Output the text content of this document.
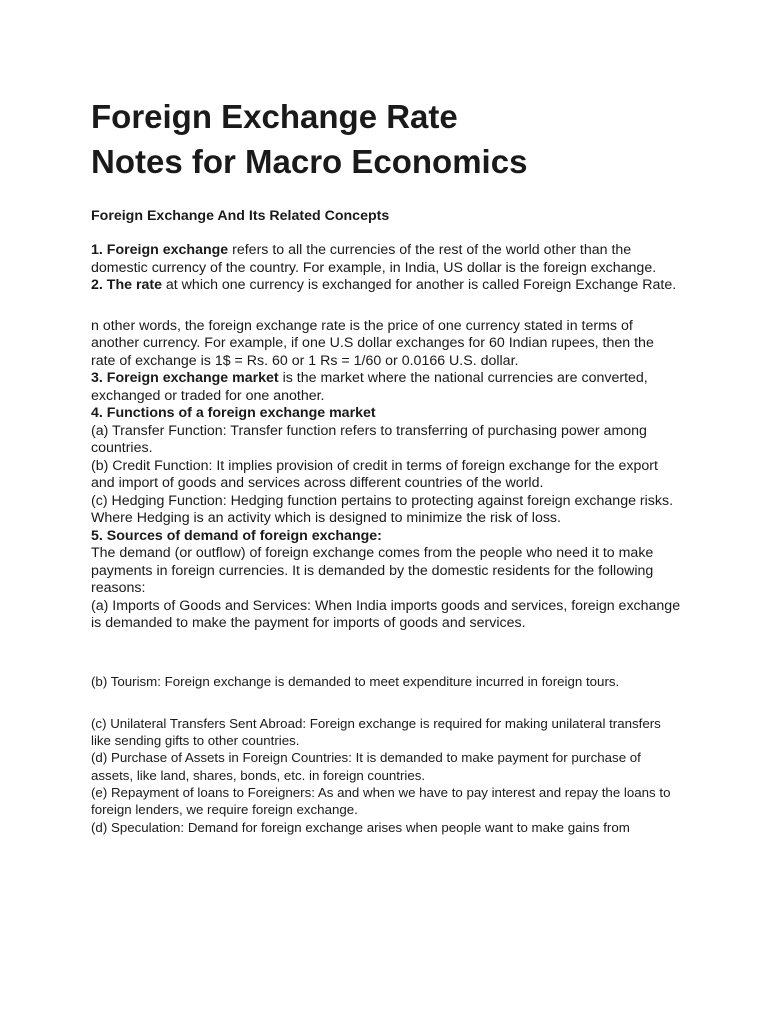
Foreign Exchange Rate Notes for Macro Economics
Foreign Exchange And Its Related Concepts

1. Foreign exchange refers to all the currencies of the rest of the world other than the domestic currency of the country. For example, in India, US dollar is the foreign exchange.

2. The rate at which one currency is exchanged for another is called Foreign Exchange Rate.

n other words, the foreign exchange rate is the price of one currency stated in terms of another currency. For example, if one U.S dollar exchanges for 60 Indian rupees, then the rate of exchange is 1$ = Rs. 60 or 1 Rs = 1/60 or 0.0166 U.S. dollar.

3. Foreign exchange market is the market where the national currencies are converted, exchanged or traded for one another.

4. Functions of a foreign exchange market

(a) Transfer Function: Transfer function refers to transferring of purchasing power among countries.

(b) Credit Function: It implies provision of credit in terms of foreign exchange for the export and import of goods and services across different countries of the world.

(c) Hedging Function: Hedging function pertains to protecting against foreign exchange risks. Where Hedging is an activity which is designed to minimize the risk of loss.

5. Sources of demand of foreign exchange:

The demand (or outflow) of foreign exchange comes from the people who need it to make payments in foreign currencies. It is demanded by the domestic residents for the following reasons:

(a) Imports of Goods and Services: When India imports goods and services, foreign exchange is demanded to make the payment for imports of goods and services.

(b) Tourism: Foreign exchange is demanded to meet expenditure incurred in foreign tours.

(c) Unilateral Transfers Sent Abroad: Foreign exchange is required for making unilateral transfers like sending gifts to other countries.

(d) Purchase of Assets in Foreign Countries: It is demanded to make payment for purchase of assets, like land, shares, bonds, etc. in foreign countries.

(e) Repayment of loans to Foreigners: As and when we have to pay interest and repay the loans to foreign lenders, we require foreign exchange.

(d) Speculation: Demand for foreign exchange arises when people want to make gains from
